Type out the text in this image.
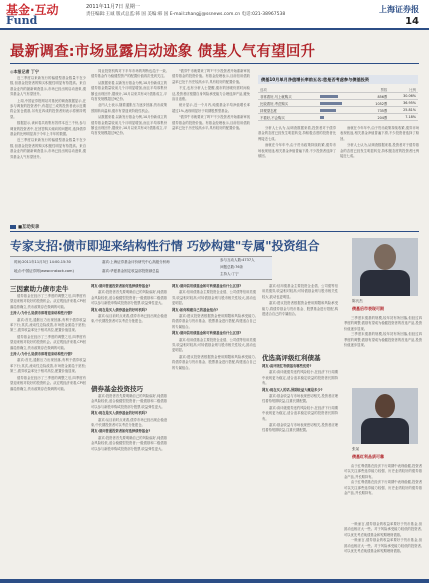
基金·互动
Fund
2011年11月7日 星期一
责任编辑:王诚 版式总监:韩 国 美编:韩 国 E-mail:zhangjj@ssnews.com.cn 电话:021-38967538
上海证券报
14
最新调查:市场显露启动迹象 债基人气有望回升
◎本报记者 丁宁

近三季度以来新发行的偏债型基金数量不在少数,但基金投资者的购买积极性明显有待提高。来自基金业内的最新调查显示,市场已经出现启动迹象,债券基金人气有望回升。

上周,中国证券报网站对基民的调查数据显示,在参与调查的投资者中,有超过三成的投资者表示近期将会加仓债基,另有近四成的投资者则表示将保持观望。

数据显示,该问卷共收集有效样本近三千份,参与调查的投资者中,在回答购买倾向的问题时,选择债券基金的比例明显高于今年上半年的数据。

近三季度以来新发行的偏债型基金数量不在少数,但基金投资者的购买积极性明显有待提高。来自基金业内的最新调查显示,市场已经出现启动迹象,债券基金人气有望回升。

同业投资机构对下半年市场的判断也趋于一致,债券基金作为稳健型资产的配置价值再次受到关注。

从数据来看,以新发行基金为例,10月份新成立的债券基金数量较前几个月明显增加,而且平均募集份额也出现回升,据统计,10月以来共有4只债基成立,平均首发规模超过9亿份。

业内人士表示,随着通胀压力逐步回落,货币政策预期转向温和,债市有望迎来阶段性机会。

从数据来看,以新发行基金为例,10月份新成立的债券基金数量较前几个月明显增加,而且平均募集份额也出现回升,据统计,10月以来共有4只债基成立,平均首发规模超过9亿份。

"债券牛市就要来了吗?"不少投资者开始重新审视债券基金的投资价值。有基金经理表示,目前信用债收益率已处于历史较高水平,具有较好的配置价值。

不过,也有分析人士提醒,债市的回暖仍需时间验证,投资者应根据自身风险承受能力合理选择产品,避免盲目追涨。

统计显示,近一个月内,纯债基金平均净值增长率超过1%,表现明显好于同期股票型基金。

"债券牛市就要来了吗?"不少投资者开始重新审视债券基金的投资价值。有基金经理表示,目前信用债收益率已处于历史较高水平,具有较好的配置价值。

债基10月单月净值增长率前五名:您是否考虑参与债基投资
选项		票数	比例
非常看好,马上就购买		856票	30.06%
比较看好,考虑购买		1052票	36.95%
持观望态度		735票	25.81%
不看好,不会购买		204票	7.18%

分析人士认为,从调查数据来看,投资者对于债券基金的态度已经发生明显转变,持积极态度的投资者比例接近七成。

而就在今年年中,由于货币政策持续收紧,债券市场表现低迷,相关基金净值普遍下滑,不少投资者选择了赎回。

而就在今年年中,由于货币政策持续收紧,债券市场表现低迷,相关基金净值普遍下滑,不少投资者选择了赎回。

分析人士认为,从调查数据来看,投资者对于债券基金的态度已经发生明显转变,持积极态度的投资者比例接近七成。

■互动实录
专家支招:债市即迎来结构性行情 巧妙构建"专属"投资组合
时间:2011年11月3日 14:00-15:30
地点:中国证券网(www.cnstock.com)
嘉宾:上海证券基金评价研究中心高级分析师
嘉宾:华夏基金固定收益部投资副总监
参与互动人数:4737人
问题总数:76条
主持人:丁宁
三因素助力债市走牛

债券基金在经历了三季度的调整之后,四季度有望迎来相对较好的投资机会。从宏观经济来看,CPI回落趋势确立,货币政策存在微调的可能。

主持人:为什么说债市即将迎来结构性行情?

嘉宾:首先,通胀压力出现回落,有利于债券收益率下行;其次,流动性边际改善,市场资金面趋于宽松;第三,债券收益率处于相对高位,配置价值显现。

债券基金在经历了三季度的调整之后,四季度有望迎来相对较好的投资机会。从宏观经济来看,CPI回落趋势确立,货币政策存在微调的可能。

主持人:为什么说债市即将迎来结构性行情?

嘉宾:首先,通胀压力出现回落,有利于债券收益率下行;其次,流动性边际改善,市场资金面趋于宽松;第三,债券收益率处于相对高位,配置价值显现。

债券基金在经历了三季度的调整之后,四季度有望迎来相对较好的投资机会。从宏观经济来看,CPI回落趋势确立,货币政策存在微调的可能。

网友:请问普通投资者如何选择债券基金?

嘉宾:投资者首先要明确自己的风险偏好,纯债基金风险较低,适合稳健型投资者;一级债基和二级债基可以参与新股申购或投资部分股票,收益弹性更大。

网友:现在是买入债券基金的好时机吗?

嘉宾:从目前时点来看,债券市场已经出现企稳迹象,中长期投资者可以考虑分批建仓。

债券基金投资技巧

嘉宾:投资者首先要明确自己的风险偏好,纯债基金风险较低,适合稳健型投资者;一级债基和二级债基可以参与新股申购或投资部分股票,收益弹性更大。

网友:现在是买入债券基金的好时机吗?

嘉宾:从目前时点来看,债券市场已经出现企稳迹象,中长期投资者可以考虑分批建仓。

网友:请问普通投资者如何选择债券基金?

嘉宾:投资者首先要明确自己的风险偏好,纯债基金风险较低,适合稳健型投资者;一级债基和二级债基可以参与新股申购或投资部分股票,收益弹性更大。

网友:请问信用债基金和可转债基金有什么区别?

嘉宾:信用债基金主要投资企业债、公司债等信用类债券,收益相对较高;可转债基金则与股市相关性较大,波动也更明显。

网友:如何构建自己的基金组合?

嘉宾:建议投资者根据资金使用期限和风险承受能力,将债券基金与货币基金、股票基金进行搭配,构建适合自己的专属组合。

网友:请问信用债基金和可转债基金有什么区别?

嘉宾:信用债基金主要投资企业债、公司债等信用类债券,收益相对较高;可转债基金则与股市相关性较大,波动也更明显。

嘉宾:建议投资者根据资金使用期限和风险承受能力,将债券基金与货币基金、股票基金进行搭配,构建适合自己的专属组合。

优选高评级红利债基

网友:高评级红利债基有哪些优势?

嘉宾:高评级债券违约风险较小,在经济下行周期中表现更为稳定,适合追求稳定收益的投资者长期持有。

网友:现在买入的话,预期收益大概是多少?

嘉宾:基金收益与市场表现密切相关,投资者应理性看待短期收益,注重长期配置。

嘉宾:高评级债券违约风险较小,在经济下行周期中表现更为稳定,适合追求稳定收益的投资者长期持有。

嘉宾:基金收益与市场表现密切相关,投资者应理性看待短期收益,注重长期配置。

嘉宾:信用债基金主要投资企业债、公司债等信用类债券,收益相对较高;可转债基金则与股市相关性较大,波动也更明显。

嘉宾:建议投资者根据资金使用期限和风险承受能力,将债券基金与货币基金、股票基金进行搭配,构建适合自己的专属组合。

陈氏杰
债基后市表现可期

三季度末债基的规模,较年初有所回落,但经过四季度的调整,债基有望成为稳健投资者的首选产品,投资价值逐步显现。

三季度末债基的规模,较年初有所回落,但经过四季度的调整,债基有望成为稳健投资者的首选产品,投资价值逐步显现。

张某
债基红利品质可靠

由于红利债基在经济下行周期中表现稳健,投资者可以关注那些选券能力较强、历史业绩较好的债券基金产品,并长期持有。

由于红利债基在经济下行周期中表现稳健,投资者可以关注那些选券能力较强、历史业绩较好的债券基金产品,并长期持有。

一般而言,债券基金的收益率要好于货币基金,但波动也相应大一些。对于风险承受能力较低的投资者,可以优先考虑纯债基金和短期理财债基。

一般而言,债券基金的收益率要好于货币基金,但波动也相应大一些。对于风险承受能力较低的投资者,可以优先考虑纯债基金和短期理财债基。
